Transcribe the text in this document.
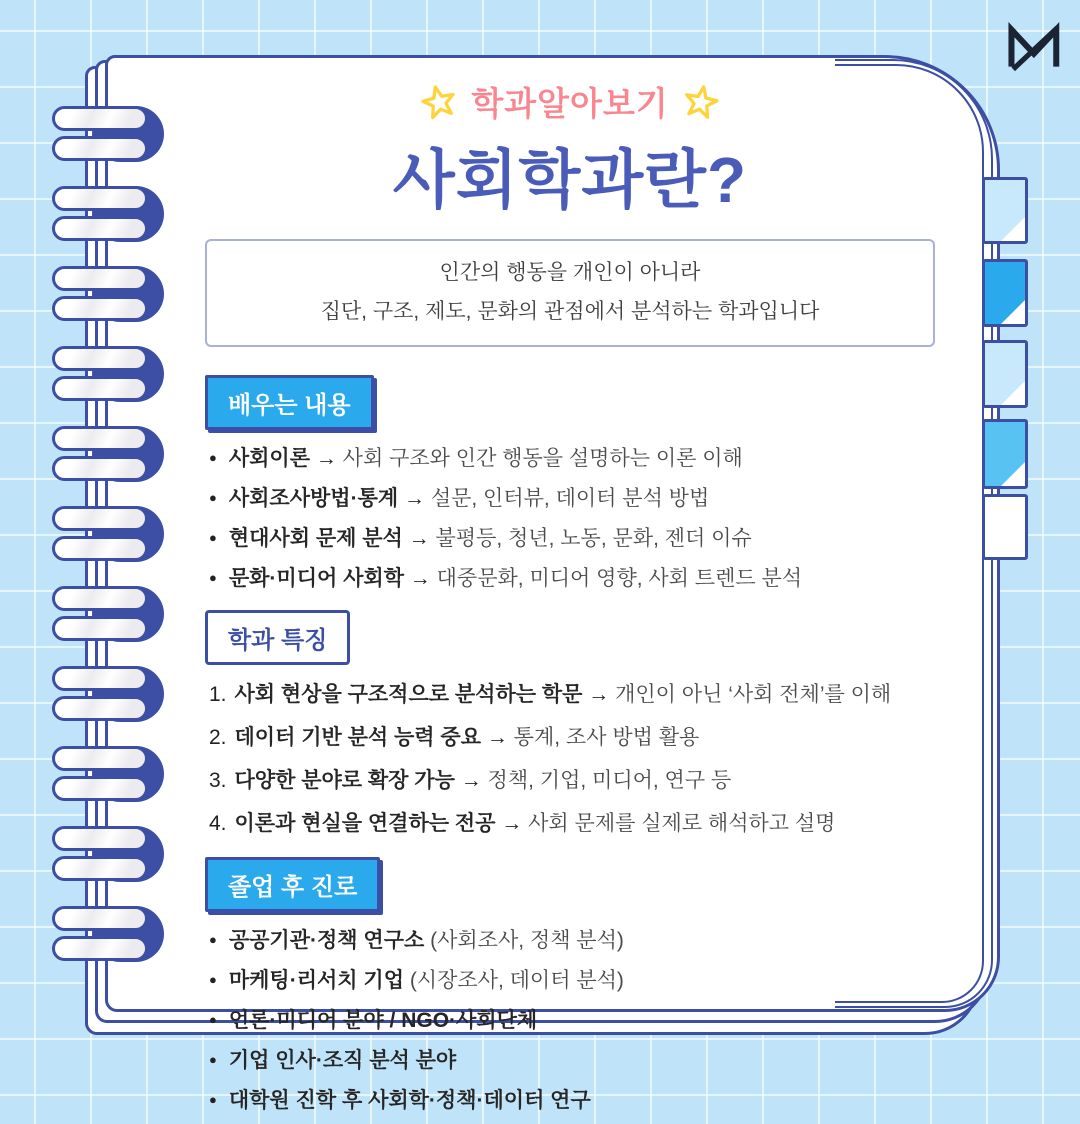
학과알아보기
사회학과란?
인간의 행동을 개인이 아니라
집단, 구조, 제도, 문화의 관점에서 분석하는 학과입니다
배우는 내용
● 사회이론 → 사회 구조와 인간 행동을 설명하는 이론 이해
● 사회조사방법·통계 → 설문, 인터뷰, 데이터 분석 방법
● 현대사회 문제 분석 → 불평등, 청년, 노동, 문화, 젠더 이슈
● 문화·미디어 사회학 → 대중문화, 미디어 영향, 사회 트렌드 분석
학과 특징
1. 사회 현상을 구조적으로 분석하는 학문 → 개인이 아닌 ‘사회 전체’를 이해
2. 데이터 기반 분석 능력 중요 → 통계, 조사 방법 활용
3. 다양한 분야로 확장 가능 → 정책, 기업, 미디어, 연구 등
4. 이론과 현실을 연결하는 전공 → 사회 문제를 실제로 해석하고 설명
졸업 후 진로
● 공공기관·정책 연구소 (사회조사, 정책 분석)
● 마케팅·리서치 기업 (시장조사, 데이터 분석)
● 언론·미디어 분야 / NGO·사회단체
● 기업 인사·조직 분석 분야
● 대학원 진학 후 사회학·정책·데이터 연구
